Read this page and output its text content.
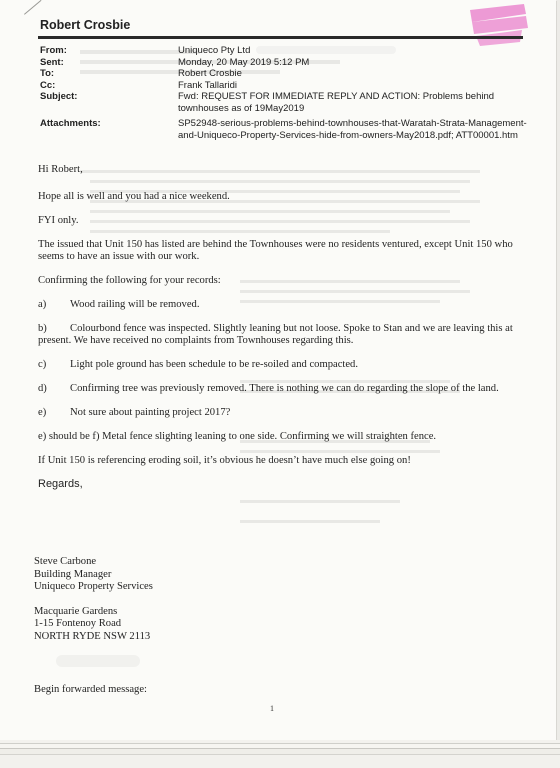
Robert Crosbie
From:	Uniqueco Pty Ltd
Sent:	Monday, 20 May 2019 5:12 PM
To:	Robert Crosbie
Cc:	Frank Tallaridi
Subject:	Fwd: REQUEST FOR IMMEDIATE REPLY AND ACTION: Problems behind townhouses as of 19May2019
Attachments:	SP52948-serious-problems-behind-townhouses-that-Waratah-Strata-Management-and-Uniqueco-Property-Services-hide-from-owners-May2018.pdf; ATT00001.htm

Hi Robert,

Hope all is well and you had a nice weekend.

FYI only.

The issued that Unit 150 has listed are behind the Townhouses were no residents ventured, except Unit 150 who seems to have an issue with our work.

Confirming the following for your records:

a)	Wood railing will be removed.

b) Colourbond fence was inspected. Slightly leaning but not loose. Spoke to Stan and we are leaving this at present. We have received no complaints from Townhouses regarding this.

c)	Light pole ground has been schedule to be re-soiled and compacted.

d) Confirming tree was previously removed. There is nothing we can do regarding the slope of the land.

e)	Not sure about painting project 2017?

e) should be f) Metal fence slighting leaning to one side. Confirming we will straighten fence.

If Unit 150 is referencing eroding soil, it’s obvious he doesn’t have much else going on!

Regards,

Steve Carbone
Building Manager
Uniqueco Property Services
Macquarie Gardens
1-15 Fontenoy Road
NORTH RYDE NSW 2113
Begin forwarded message:
1
